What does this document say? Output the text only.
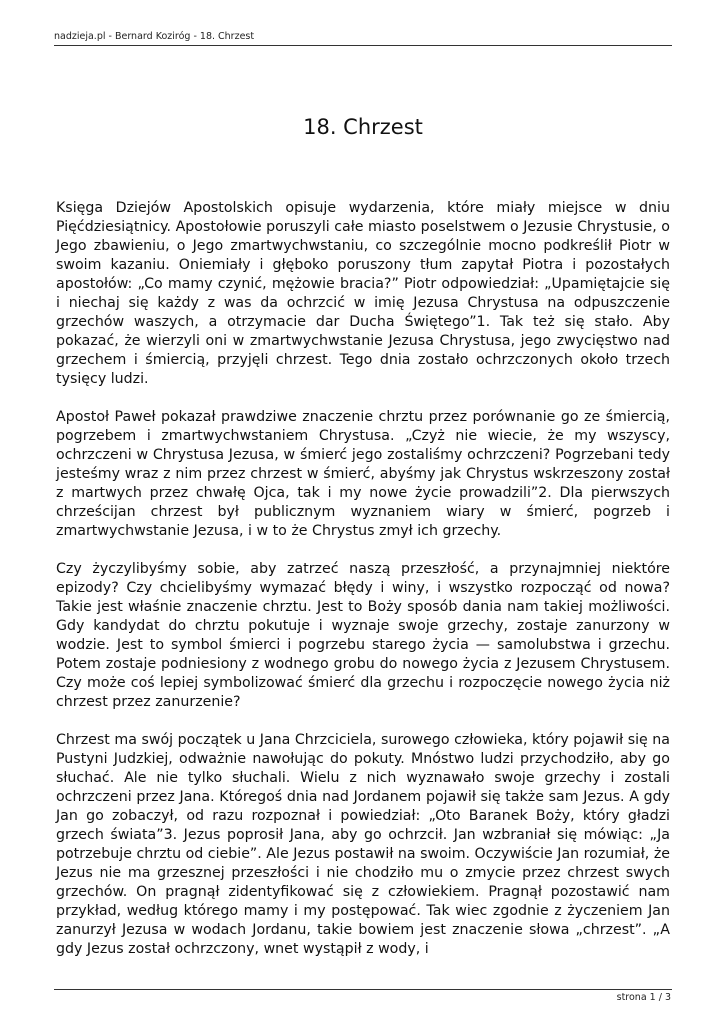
nadzieja.pl - Bernard Koziróg - 18. Chrzest
18. Chrzest

Księga Dziejów Apostolskich opisuje wydarzenia, które miały miejsce w dniu Pięćdziesiątnicy. Apostołowie poruszyli całe miasto poselstwem o Jezusie Chrystusie, o Jego zbawieniu, o Jego zmartwychwstaniu, co szczególnie mocno podkreślił Piotr w swoim kazaniu. Oniemiały i głęboko poruszony tłum zapytał Piotra i pozostałych apostołów: „Co mamy czynić, mężowie bracia?” Piotr odpowiedział: „Upamiętajcie się i niechaj się każdy z was da ochrzcić w imię Jezusa Chrystusa na odpuszczenie grzechów waszych, a otrzymacie dar Ducha Świętego”1. Tak też się stało. Aby pokazać, że wierzyli oni w zmartwychwstanie Jezusa Chrystusa, jego zwycięstwo nad grzechem i śmiercią, przyjęli chrzest. Tego dnia zostało ochrzczonych około trzech tysięcy ludzi.

Apostoł Paweł pokazał prawdziwe znaczenie chrztu przez porównanie go ze śmiercią, pogrzebem i zmartwychwstaniem Chrystusa. „Czyż nie wiecie, że my wszyscy, ochrzczeni w Chrystusa Jezusa, w śmierć jego zostaliśmy ochrzczeni? Pogrzebani tedy jesteśmy wraz z nim przez chrzest w śmierć, abyśmy jak Chrystus wskrzeszony został z martwych przez chwałę Ojca, tak i my nowe życie prowadzili”2. Dla pierwszych chrześcijan chrzest był publicznym wyznaniem wiary w śmierć, pogrzeb i zmartwychwstanie Jezusa, i w to że Chrystus zmył ich grzechy.

Czy życzylibyśmy sobie, aby zatrzeć naszą przeszłość, a przynajmniej niektóre epizody? Czy chcielibyśmy wymazać błędy i winy, i wszystko rozpocząć od nowa? Takie jest właśnie znaczenie chrztu. Jest to Boży sposób dania nam takiej możliwości. Gdy kandydat do chrztu pokutuje i wyznaje swoje grzechy, zostaje zanurzony w wodzie. Jest to symbol śmierci i pogrzebu starego życia — samolubstwa i grzechu. Potem zostaje podniesiony z wodnego grobu do nowego życia z Jezusem Chrystusem. Czy może coś lepiej symbolizować śmierć dla grzechu i rozpoczęcie nowego życia niż chrzest przez zanurzenie?

Chrzest ma swój początek u Jana Chrzciciela, surowego człowieka, który pojawił się na Pustyni Judzkiej, odważnie nawołując do pokuty. Mnóstwo ludzi przychodziło, aby go słuchać. Ale nie tylko słuchali. Wielu z nich wyznawało swoje grzechy i zostali ochrzczeni przez Jana. Któregoś dnia nad Jordanem pojawił się także sam Jezus. A gdy Jan go zobaczył, od razu rozpoznał i powiedział: „Oto Baranek Boży, który gładzi grzech świata”3. Jezus poprosił Jana, aby go ochrzcił. Jan wzbraniał się mówiąc: „Ja potrzebuje chrztu od ciebie”. Ale Jezus postawił na swoim. Oczywiście Jan rozumiał, że Jezus nie ma grzesznej przeszłości i nie chodziło mu o zmycie przez chrzest swych grzechów. On pragnął zidentyfikować się z człowiekiem. Pragnął pozostawić nam przykład, według którego mamy i my postępować. Tak wiec zgodnie z życzeniem Jan zanurzył Jezusa w wodach Jordanu, takie bowiem jest znaczenie słowa „chrzest”. „A gdy Jezus został ochrzczony, wnet wystąpił z wody, i

strona 1 / 3
